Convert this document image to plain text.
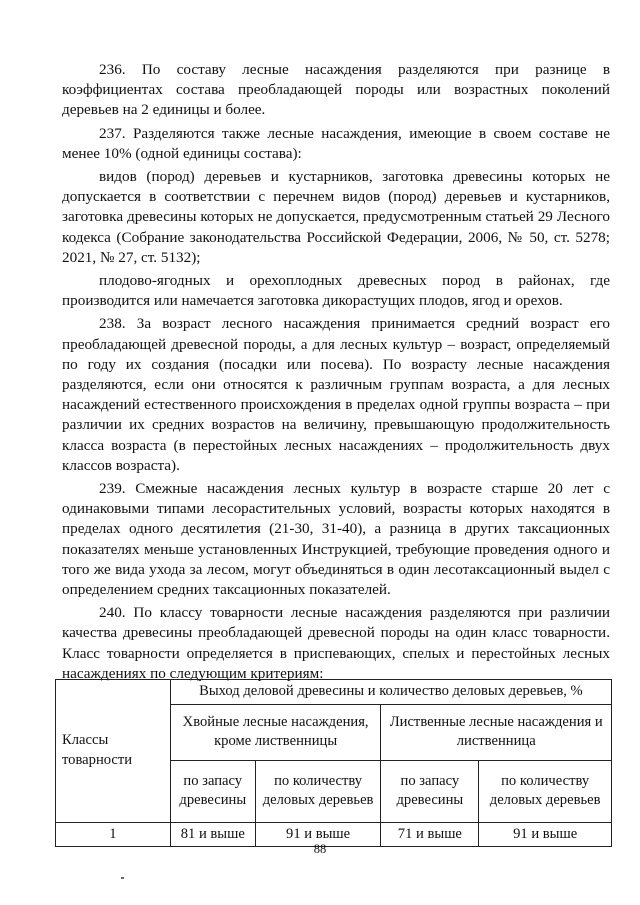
236. По составу лесные насаждения разделяются при разнице в коэффициентах состава преобладающей породы или возрастных поколений деревьев на 2 единицы и более.

237. Разделяются также лесные насаждения, имеющие в своем составе не менее 10% (одной единицы состава):

видов (пород) деревьев и кустарников, заготовка древесины которых не допускается в соответствии с перечнем видов (пород) деревьев и кустарников, заготовка древесины которых не допускается, предусмотренным статьей 29 Лесного кодекса (Собрание законодательства Российской Федерации, 2006, № 50, ст. 5278; 2021, № 27, ст. 5132);

плодово-ягодных и орехоплодных древесных пород в районах, где производится или намечается заготовка дикорастущих плодов, ягод и орехов.

238. За возраст лесного насаждения принимается средний возраст его преобладающей древесной породы, а для лесных культур – возраст, определяемый по году их создания (посадки или посева). По возрасту лесные насаждения разделяются, если они относятся к различным группам возраста, а для лесных насаждений естественного происхождения в пределах одной группы возраста – при различии их средних возрастов на величину, превышающую продолжительность класса возраста (в перестойных лесных насаждениях – продолжительность двух классов возраста).

239. Смежные насаждения лесных культур в возрасте старше 20 лет с одинаковыми типами лесорастительных условий, возрасты которых находятся в пределах одного десятилетия (21-30, 31-40), а разница в других таксационных показателях меньше установленных Инструкцией, требующие проведения одного и того же вида ухода за лесом, могут объединяться в один лесотаксационный выдел с определением средних таксационных показателей.

240. По классу товарности лесные насаждения разделяются при различии качества древесины преобладающей древесной породы на один класс товарности. Класс товарности определяется в приспевающих, спелых и перестойных лесных насаждениях по следующим критериям:

Классы товарности	Выход деловой древесины и количество деловых деревьев, %			
	Хвойные лесные насаждения, кроме лиственницы		Лиственные лесные насаждения и лиственница	
	по запасу древесины	по количеству деловых деревьев	по запасу древесины	по количеству деловых деревьев
1	81 и выше	91 и выше	71 и выше	91 и выше
88
